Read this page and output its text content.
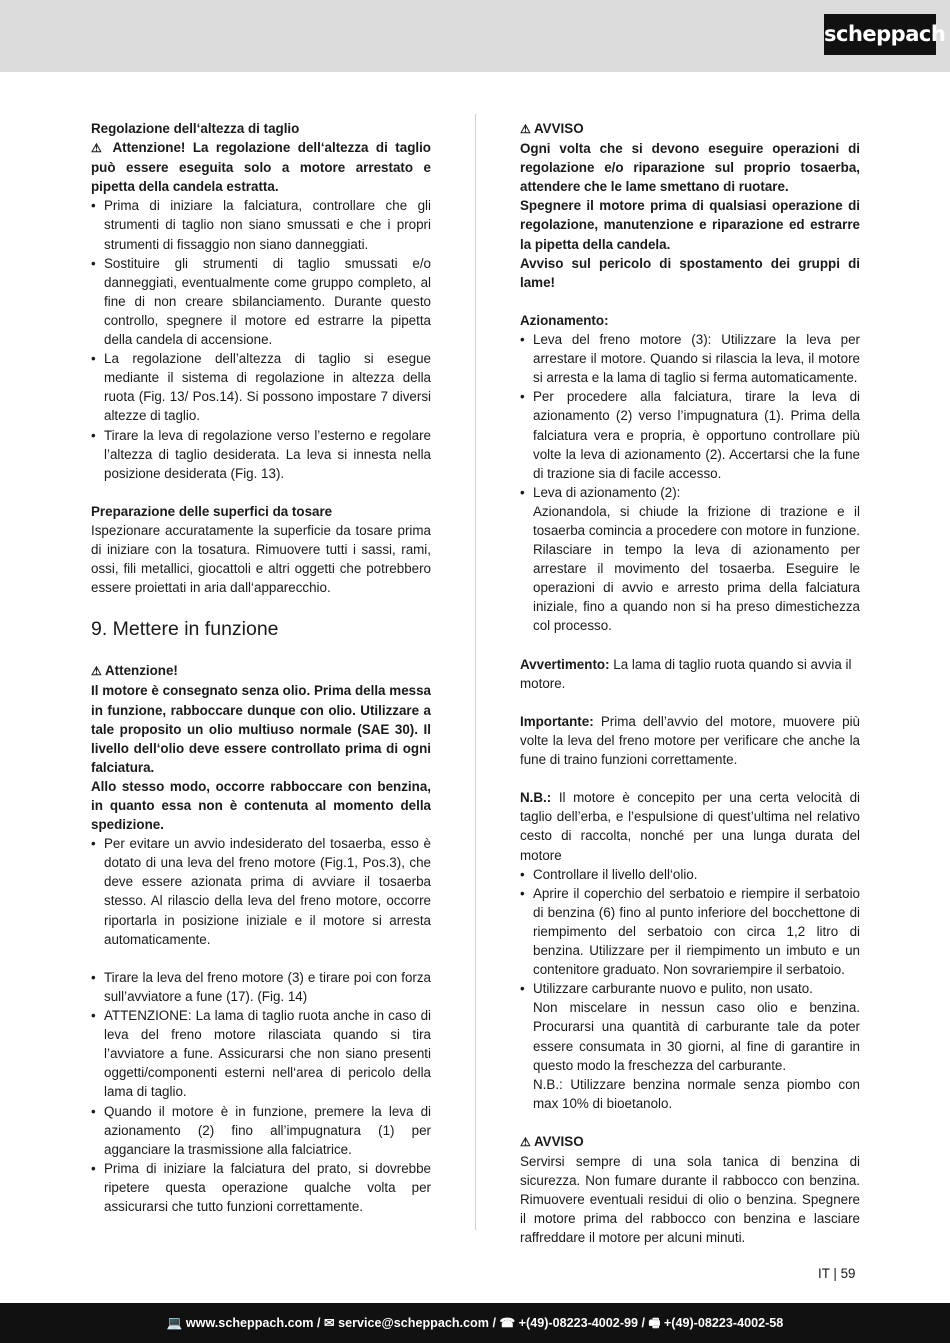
scheppach

Regolazione dell‘altezza di taglio

⚠ Attenzione! La regolazione dell‘altezza di taglio può essere eseguita solo a motore arrestato e pipetta della candela estratta.

• Prima di iniziare la falciatura, controllare che gli strumenti di taglio non siano smussati e che i propri strumenti di fissaggio non siano danneggiati.

• Sostituire gli strumenti di taglio smussati e/o danneggiati, eventualmente come gruppo completo, al fine di non creare sbilanciamento. Durante questo controllo, spegnere il motore ed estrarre la pipetta della candela di accensione.

• La regolazione dell’altezza di taglio si esegue mediante il sistema di regolazione in altezza della ruota (Fig. 13/ Pos.14). Si possono impostare 7 diversi altezze di taglio.

• Tirare la leva di regolazione verso l’esterno e regolare l’altezza di taglio desiderata. La leva si innesta nella posizione desiderata (Fig. 13).

Preparazione delle superfici da tosare

Ispezionare accuratamente la superficie da tosare prima di iniziare con la tosatura. Rimuovere tutti i sassi, rami, ossi, fili metallici, giocattoli e altri oggetti che potrebbero essere proiettati in aria dall‘apparecchio.

9. Mettere in funzione

⚠ Attenzione!

Il motore è consegnato senza olio. Prima della messa in funzione, rabboccare dunque con olio. Utilizzare a tale proposito un olio multiuso normale (SAE 30). Il livello dell‘olio deve essere controllato prima di ogni falciatura.

Allo stesso modo, occorre rabboccare con benzina, in quanto essa non è contenuta al momento della spedizione.

• Per evitare un avvio indesiderato del tosaerba, esso è dotato di una leva del freno motore (Fig.1, Pos.3), che deve essere azionata prima di avviare il tosaerba stesso. Al rilascio della leva del freno motore, occorre riportarla in posizione iniziale e il motore si arresta automaticamente.

• Tirare la leva del freno motore (3) e tirare poi con forza sull’avviatore a fune (17). (Fig. 14)

• ATTENZIONE: La lama di taglio ruota anche in caso di leva del freno motore rilasciata quando si tira l’avviatore a fune. Assicurarsi che non siano presenti oggetti/componenti esterni nell‘area di pericolo della lama di taglio.

• Quando il motore è in funzione, premere la leva di azionamento (2) fino all’impugnatura (1) per agganciare la trasmissione alla falciatrice.

• Prima di iniziare la falciatura del prato, si dovrebbe ripetere questa operazione qualche volta per assicurarsi che tutto funzioni correttamente.

⚠ AVVISO

Ogni volta che si devono eseguire operazioni di regolazione e/o riparazione sul proprio tosaerba, attendere che le lame smettano di ruotare.

Spegnere il motore prima di qualsiasi operazione di regolazione, manutenzione e riparazione ed estrarre la pipetta della candela.

Avviso sul pericolo di spostamento dei gruppi di lame!

Azionamento:

• Leva del freno motore (3): Utilizzare la leva per arrestare il motore. Quando si rilascia la leva, il motore si arresta e la lama di taglio si ferma automaticamente.

• Per procedere alla falciatura, tirare la leva di azionamento (2) verso l’impugnatura (1). Prima della falciatura vera e propria, è opportuno controllare più volte la leva di azionamento (2). Accertarsi che la fune di trazione sia di facile accesso.

• Leva di azionamento (2):

Azionandola, si chiude la frizione di trazione e il tosaerba comincia a procedere con motore in funzione. Rilasciare in tempo la leva di azionamento per arrestare il movimento del tosaerba. Eseguire le operazioni di avvio e arresto prima della falciatura iniziale, fino a quando non si ha preso dimestichezza col processo.

Avvertimento: La lama di taglio ruota quando si avvia il motore.

Importante: Prima dell’avvio del motore, muovere più volte la leva del freno motore per verificare che anche la fune di traino funzioni correttamente.

N.B.: Il motore è concepito per una certa velocità di taglio dell’erba, e l’espulsione di quest’ultima nel relativo cesto di raccolta, nonché per una lunga durata del motore

• Controllare il livello dell‘olio.

• Aprire il coperchio del serbatoio e riempire il serbatoio di benzina (6) fino al punto inferiore del bocchettone di riempimento del serbatoio con circa 1,2 litro di benzina. Utilizzare per il riempimento un imbuto e un contenitore graduato. Non sovrariempire il serbatoio.

• Utilizzare carburante nuovo e pulito, non usato.

Non miscelare in nessun caso olio e benzina. Procurarsi una quantità di carburante tale da poter essere consumata in 30 giorni, al fine di garantire in questo modo la freschezza del carburante.

N.B.: Utilizzare benzina normale senza piombo con max 10% di bioetanolo.

⚠ AVVISO

Servirsi sempre di una sola tanica di benzina di sicurezza. Non fumare durante il rabbocco con benzina. Rimuovere eventuali residui di olio o benzina. Spegnere il motore prima del rabbocco con benzina e lasciare raffreddare il motore per alcuni minuti.

IT | 59
💻 www.scheppach.com / ✉ service@scheppach.com / ☎ +(49)-08223-4002-99 / 🖷 +(49)-08223-4002-58
